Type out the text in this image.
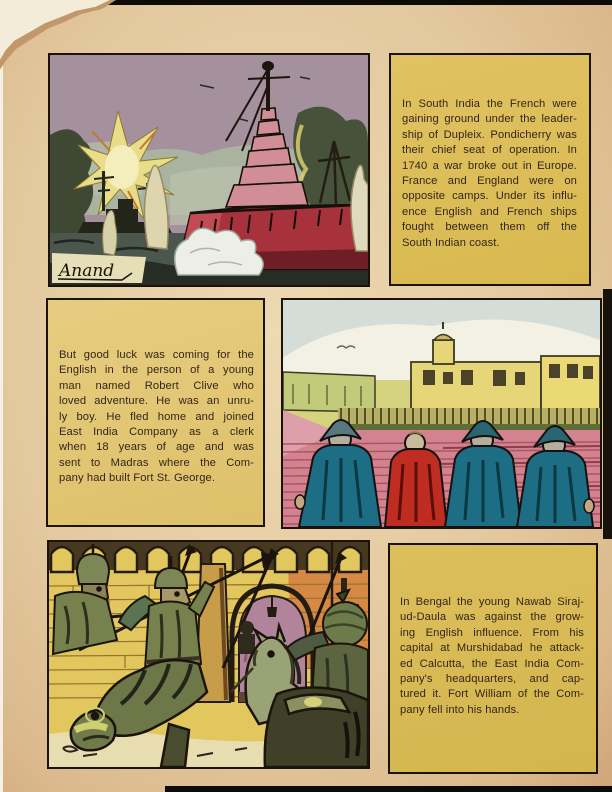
Anand
In South India the French were
gaining ground under the leader-
ship of Dupleix. Pondicherry was
their chief seat of operation. In
1740 a war broke out in Europe.
France and England were on
opposite camps. Under its influ-
ence English and French ships
fought between them off the
South Indian coast.
But good luck was coming for the
English in the person of a young
man named Robert Clive who
loved adventure. He was an unru-
ly boy. He fled home and joined
East India Company as a clerk
when 18 years of age and was
sent to Madras where the Com-
pany had built Fort St. George.
In Bengal the young Nawab Siraj-
ud-Daula was against the grow-
ing English influence. From his
capital at Murshidabad he attack-
ed Calcutta, the East India Com-
pany's headquarters, and cap-
tured it. Fort William of the Com-
pany fell into his hands.
